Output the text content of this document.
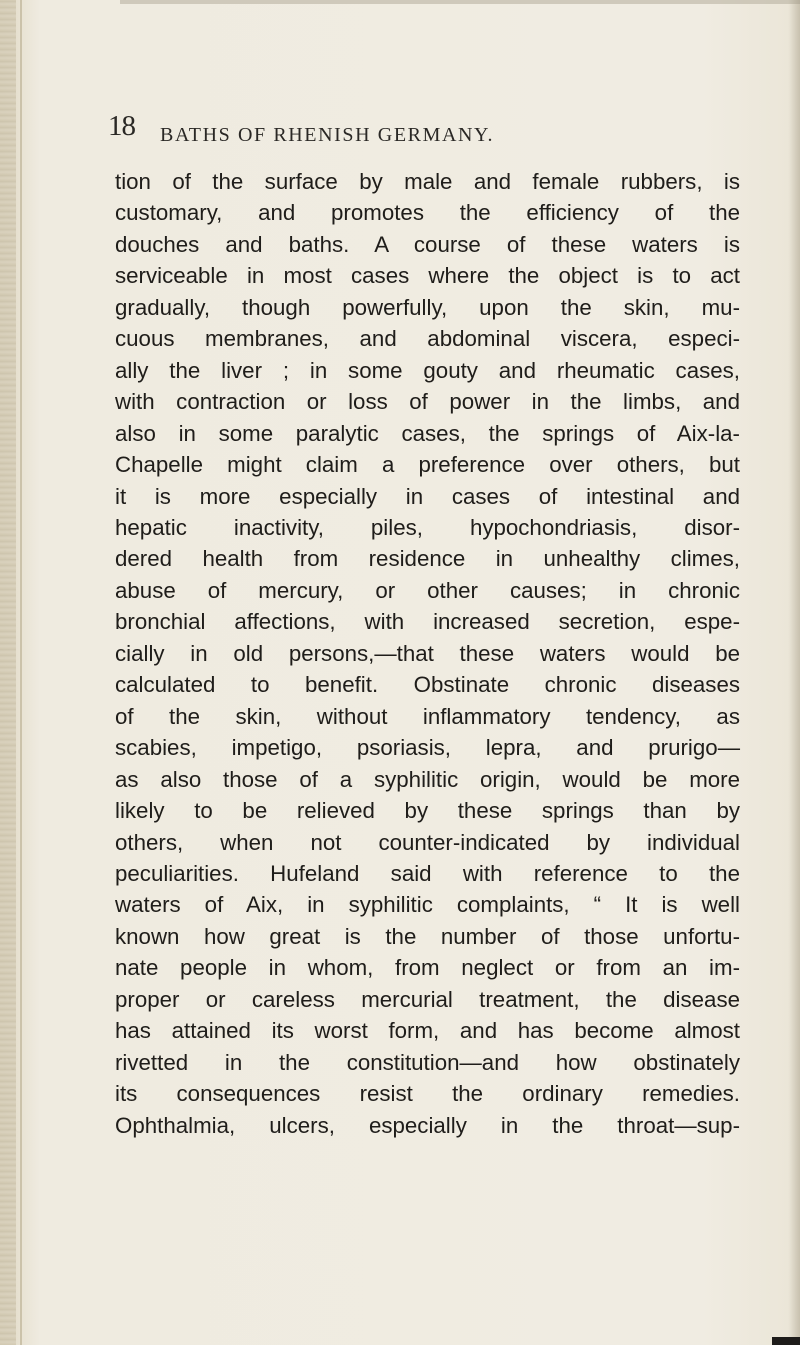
18 BATHS OF RHENISH GERMANY.
tion of the surface by male and female rubbers, is
customary, and promotes the efficiency of the
douches and baths. A course of these waters is
serviceable in most cases where the object is to act
gradually, though powerfully, upon the skin, mu-
cuous membranes, and abdominal viscera, especi-
ally the liver ; in some gouty and rheumatic cases,
with contraction or loss of power in the limbs, and
also in some paralytic cases, the springs of Aix-la-
Chapelle might claim a preference over others, but
it is more especially in cases of intestinal and
hepatic inactivity, piles, hypochondriasis, disor-
dered health from residence in unhealthy climes,
abuse of mercury, or other causes; in chronic
bronchial affections, with increased secretion, espe-
cially in old persons,—that these waters would be
calculated to benefit. Obstinate chronic diseases
of the skin, without inflammatory tendency, as
scabies, impetigo, psoriasis, lepra, and prurigo—
as also those of a syphilitic origin, would be more
likely to be relieved by these springs than by
others, when not counter-indicated by individual
peculiarities. Hufeland said with reference to the
waters of Aix, in syphilitic complaints, “ It is well
known how great is the number of those unfortu-
nate people in whom, from neglect or from an im-
proper or careless mercurial treatment, the disease
has attained its worst form, and has become almost
rivetted in the constitution—and how obstinately
its consequences resist the ordinary remedies.
Ophthalmia, ulcers, especially in the throat—sup-
